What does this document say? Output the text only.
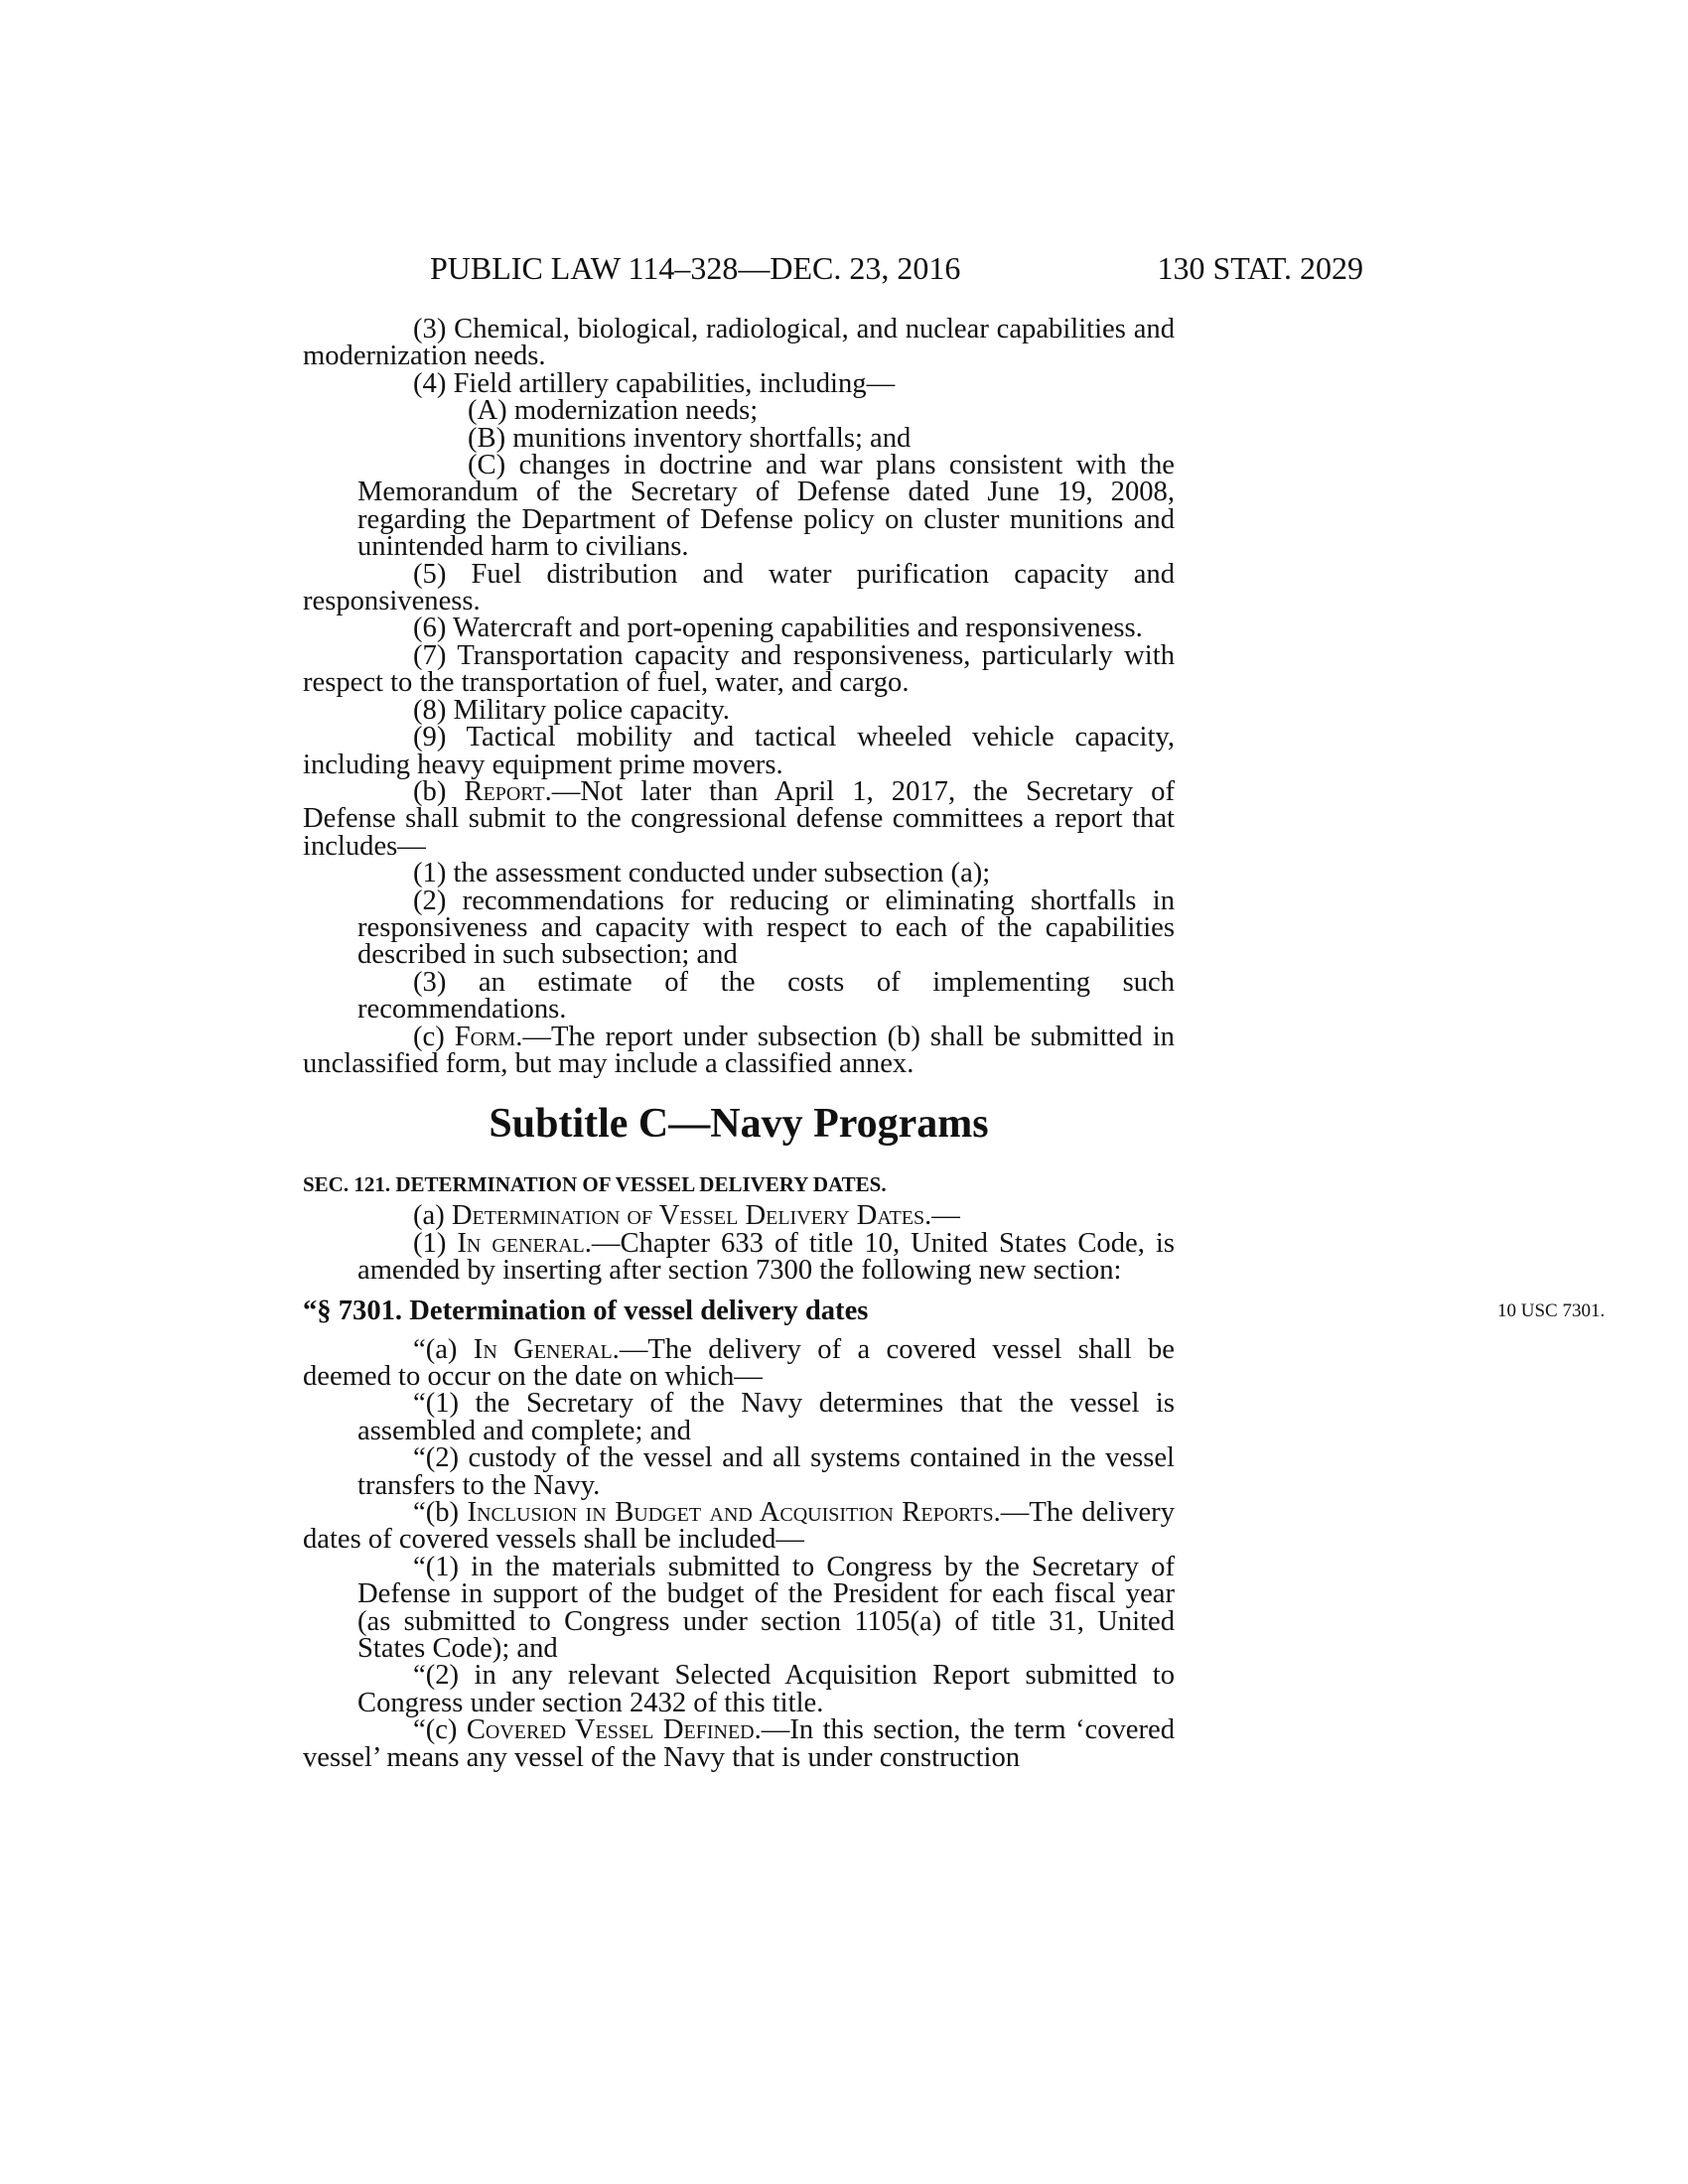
PUBLIC LAW 114–328—DEC. 23, 2016	130 STAT. 2029

(3) Chemical, biological, radiological, and nuclear capabilities and modernization needs.

(4) Field artillery capabilities, including—

(A) modernization needs;

(B) munitions inventory shortfalls; and

(C) changes in doctrine and war plans consistent with the Memorandum of the Secretary of Defense dated June 19, 2008, regarding the Department of Defense policy on cluster munitions and unintended harm to civilians.

(5) Fuel distribution and water purification capacity and responsiveness.

(6) Watercraft and port-opening capabilities and responsiveness.

(7) Transportation capacity and responsiveness, particularly with respect to the transportation of fuel, water, and cargo.

(8) Military police capacity.

(9) Tactical mobility and tactical wheeled vehicle capacity, including heavy equipment prime movers.

(b) Report.—Not later than April 1, 2017, the Secretary of Defense shall submit to the congressional defense committees a report that includes—

(1) the assessment conducted under subsection (a);

(2) recommendations for reducing or eliminating shortfalls in responsiveness and capacity with respect to each of the capabilities described in such subsection; and

(3) an estimate of the costs of implementing such recommendations.

(c) Form.—The report under subsection (b) shall be submitted in unclassified form, but may include a classified annex.

Subtitle C—Navy Programs

SEC. 121. DETERMINATION OF VESSEL DELIVERY DATES.

(a) Determination of Vessel Delivery Dates.—

(1) In general.—Chapter 633 of title 10, United States Code, is amended by inserting after section 7300 the following new section:

“§ 7301. Determination of vessel delivery dates	10 USC 7301.

“(a) In General.—The delivery of a covered vessel shall be deemed to occur on the date on which—

“(1) the Secretary of the Navy determines that the vessel is assembled and complete; and

“(2) custody of the vessel and all systems contained in the vessel transfers to the Navy.

“(b) Inclusion in Budget and Acquisition Reports.—The delivery dates of covered vessels shall be included—

“(1) in the materials submitted to Congress by the Secretary of Defense in support of the budget of the President for each fiscal year (as submitted to Congress under section 1105(a) of title 31, United States Code); and

“(2) in any relevant Selected Acquisition Report submitted to Congress under section 2432 of this title.

“(c) Covered Vessel Defined.—In this section, the term ‘covered vessel’ means any vessel of the Navy that is under construction
